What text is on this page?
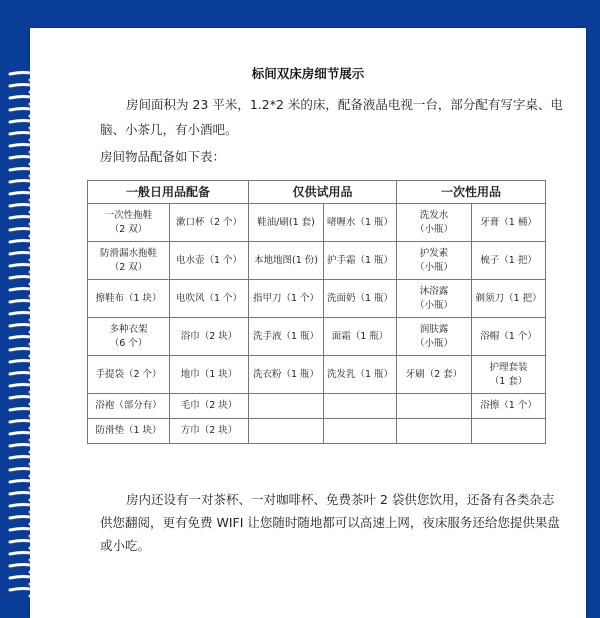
标间双床房细节展示

房间面积为 23 平米，1.2*2 米的床，配备液晶电视一台，部分配有写字桌、电脑、小茶几，有小酒吧。

房间物品配备如下表：

一般日用品配备		仅供试用品		一次性用品	

一次性拖鞋
（2 双）	漱口杯（2 个）	鞋油/刷(1 套)	啫喱水（1 瓶）	洗发水
（小瓶）	牙膏（1 桶）

防滑漏水拖鞋
（2 双）	电水壶（1 个）	本地地图(1 份)	护手霜（1 瓶）	护发素
（小瓶）	梳子（1 把）

擦鞋布（1 块）	电吹风（1 个）	指甲刀（1 个）	洗面奶（1 瓶）	沐浴露
（小瓶）	剃须刀（1 把）

多种衣架
（6 个）	浴巾（2 块）	洗手液（1 瓶）	面霜（1 瓶）	润肤露
（小瓶）	浴帽（1 个）

手提袋（2 个）	地巾（1 块）	洗衣粉（1 瓶）	洗发乳（1 瓶）	牙刷（2 套）	护理套装
（1 套）

浴袍（部分有）	毛巾（2 块）				浴擦（1 个）

防滑垫（1 块）	方巾（2 块）				

房内还设有一对茶杯、一对咖啡杯、免费茶叶 2 袋供您饮用，还备有各类杂志供您翻阅，更有免费 WIFI 让您随时随地都可以高速上网，夜床服务还给您提供果盘或小吃。
